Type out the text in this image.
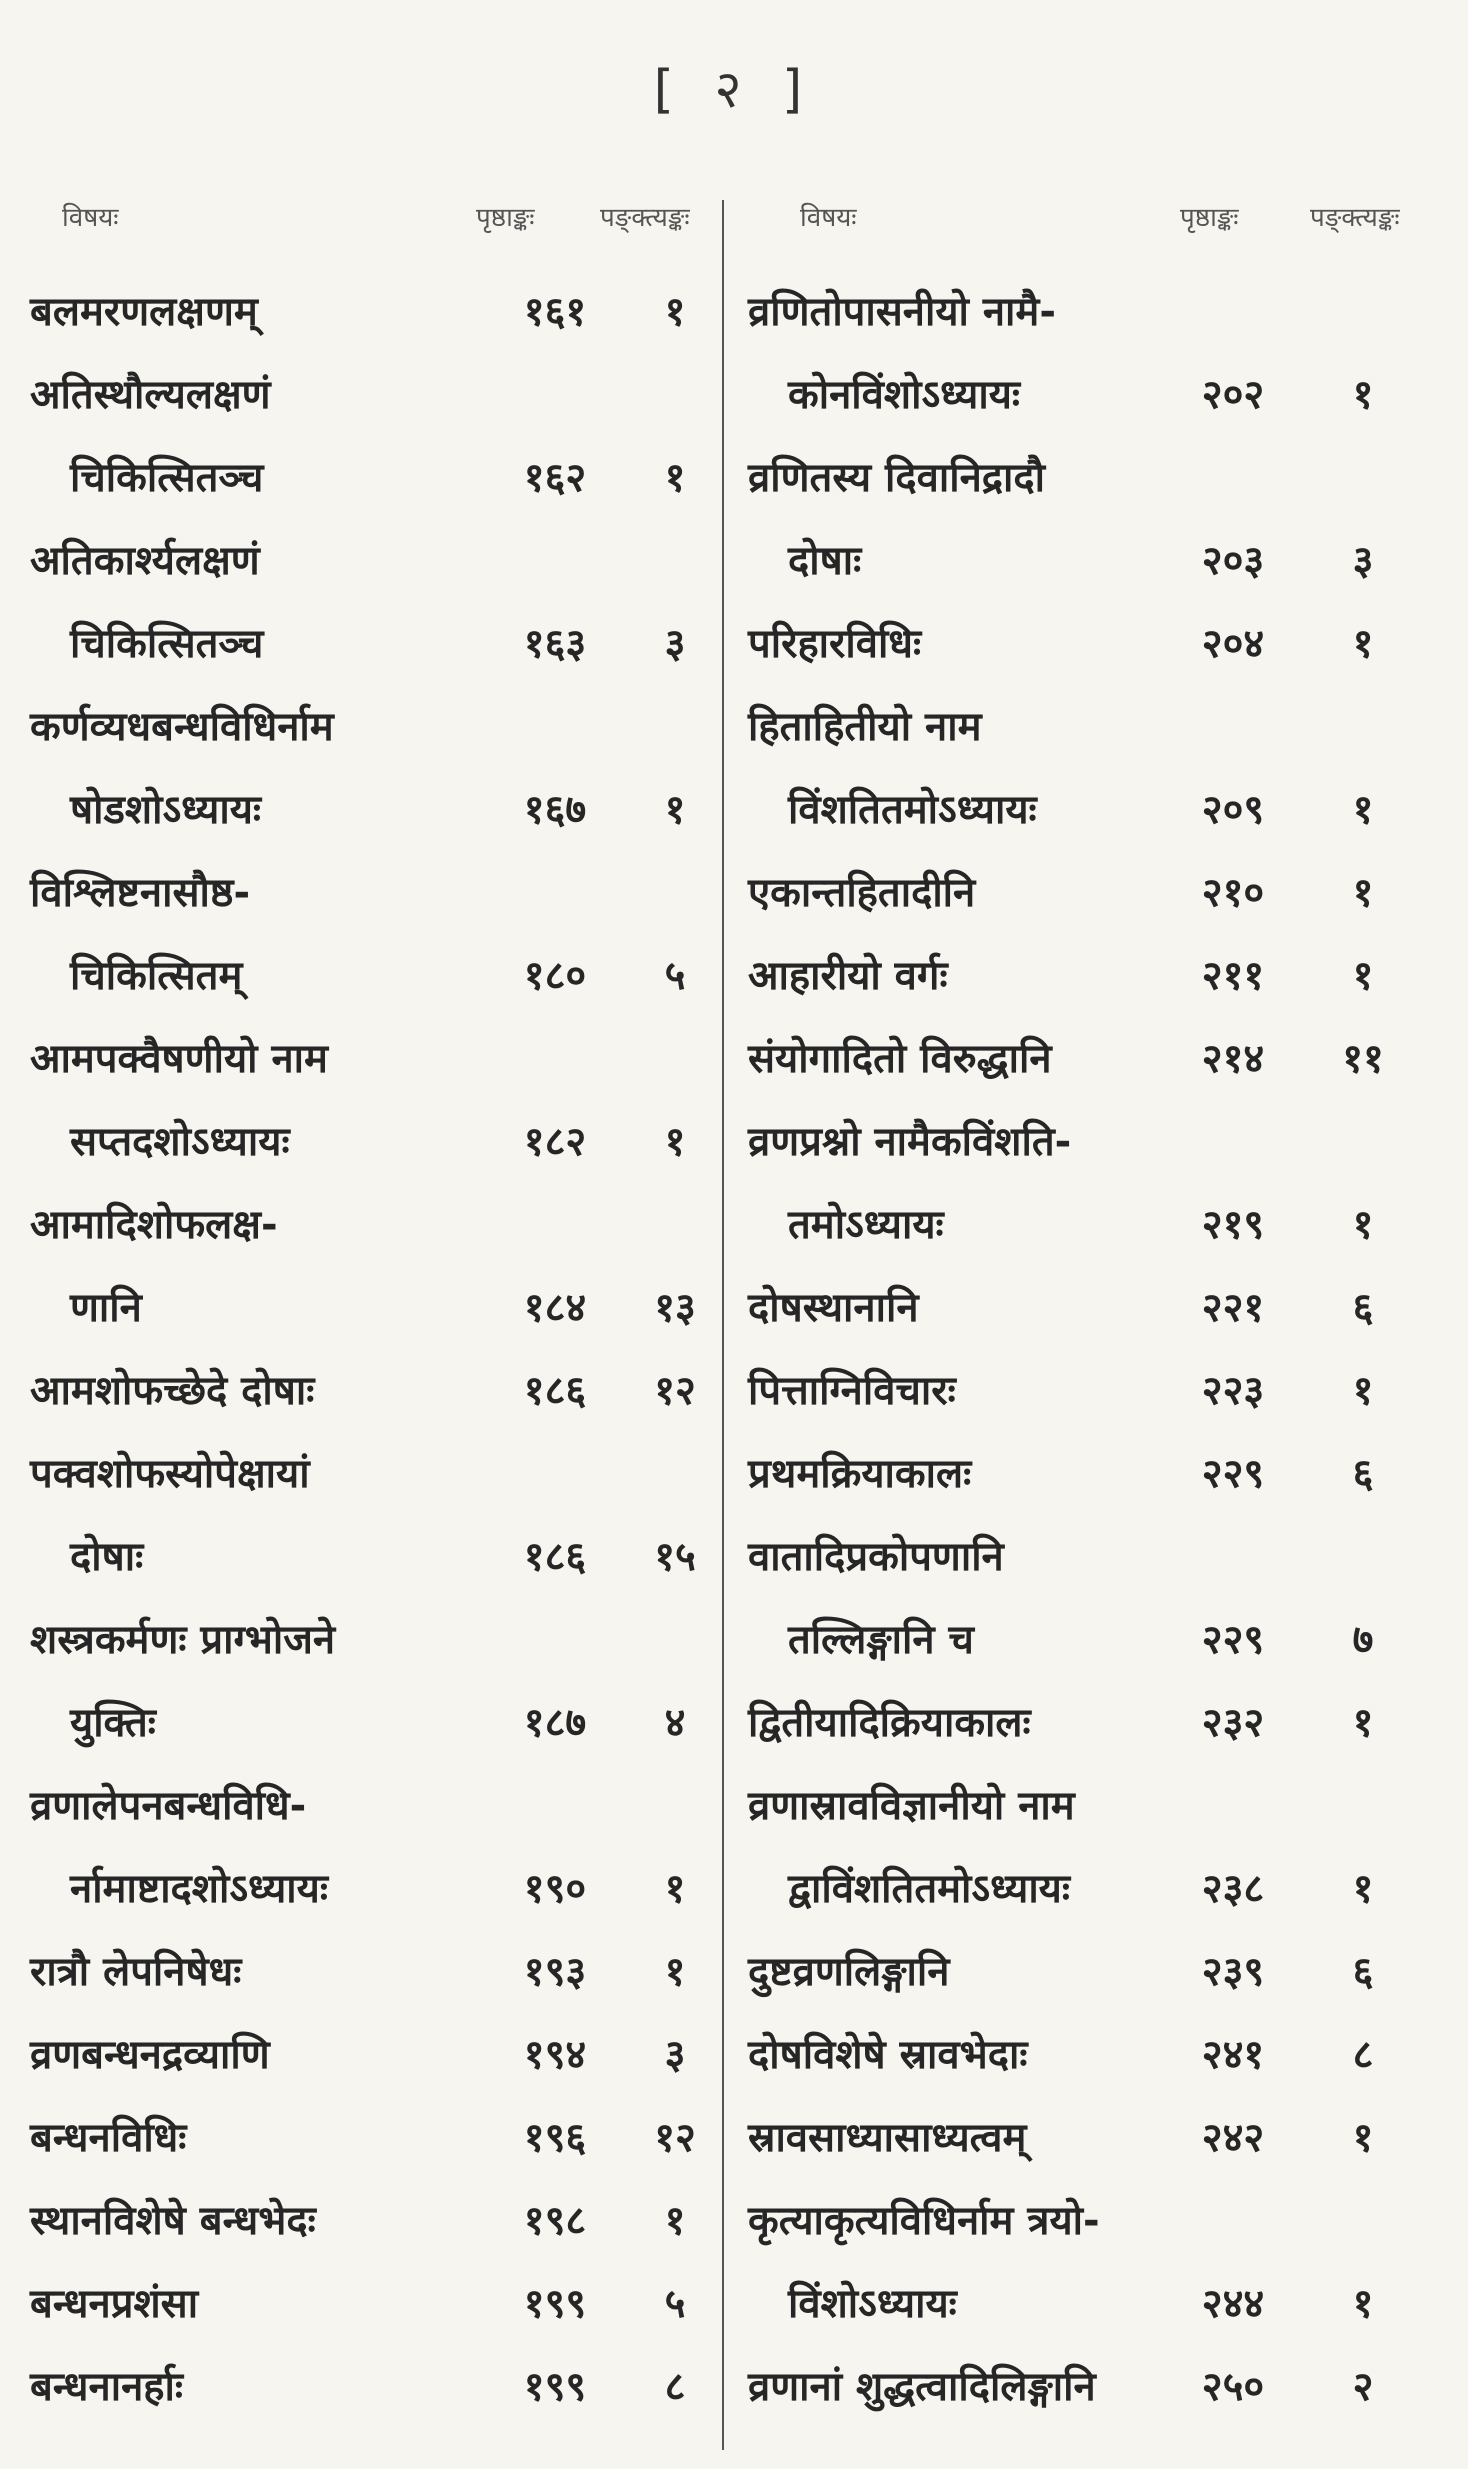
[ २ ]
विषयः	पृष्ठाङ्कः	पङ्क्त्यङ्कः	विषयः	पृष्ठाङ्कः	पङ्क्त्यङ्कः
बलमरणलक्षणम्	१६१	१
अतिस्थौल्यलक्षणं
चिकित्सितञ्च	१६२	१
अतिकार्श्यलक्षणं
चिकित्सितञ्च	१६३	३
कर्णव्यधबन्धविधिर्नाम
षोडशोऽध्यायः	१६७	१
विश्लिष्टनासौष्ठ-
चिकित्सितम्	१८०	५
आमपक्वैषणीयो नाम
सप्तदशोऽध्यायः	१८२	१
आमादिशोफलक्ष-
णानि	१८४	१३
आमशोफच्छेदे दोषाः	१८६	१२
पक्वशोफस्योपेक्षायां
दोषाः	१८६	१५
शस्त्रकर्मणः प्राग्भोजने
युक्तिः	१८७	४
व्रणालेपनबन्धविधि-
र्नामाष्टादशोऽध्यायः	१९०	१
रात्रौ लेपनिषेधः	१९३	१
व्रणबन्धनद्रव्याणि	१९४	३
बन्धनविधिः	१९६	१२
स्थानविशेषे बन्धभेदः	१९८	१
बन्धनप्रशंसा	१९९	५
बन्धनानर्हाः	१९९	८
व्रणितोपासनीयो नामै-
कोनविंशोऽध्यायः	२०२	१
व्रणितस्य दिवानिद्रादौ
दोषाः	२०३	३
परिहारविधिः	२०४	१
हिताहितीयो नाम
विंशतितमोऽध्यायः	२०९	१
एकान्तहितादीनि	२१०	१
आहारीयो वर्गः	२११	१
संयोगादितो विरुद्धानि	२१४	११
व्रणप्रश्नो नामैकविंशति-
तमोऽध्यायः	२१९	१
दोषस्थानानि	२२१	६
पित्ताग्निविचारः	२२३	१
प्रथमक्रियाकालः	२२९	६
वातादिप्रकोपणानि
तल्लिङ्गानि च	२२९	७
द्वितीयादिक्रियाकालः	२३२	१
व्रणास्रावविज्ञानीयो नाम
द्वाविंशतितमोऽध्यायः	२३८	१
दुष्टव्रणलिङ्गानि	२३९	६
दोषविशेषे स्रावभेदाः	२४१	८
स्रावसाध्यासाध्यत्वम्	२४२	१
कृत्याकृत्यविधिर्नाम त्रयो-
विंशोऽध्यायः	२४४	१
व्रणानां शुद्धत्वादिलिङ्गानि	२५०	२
